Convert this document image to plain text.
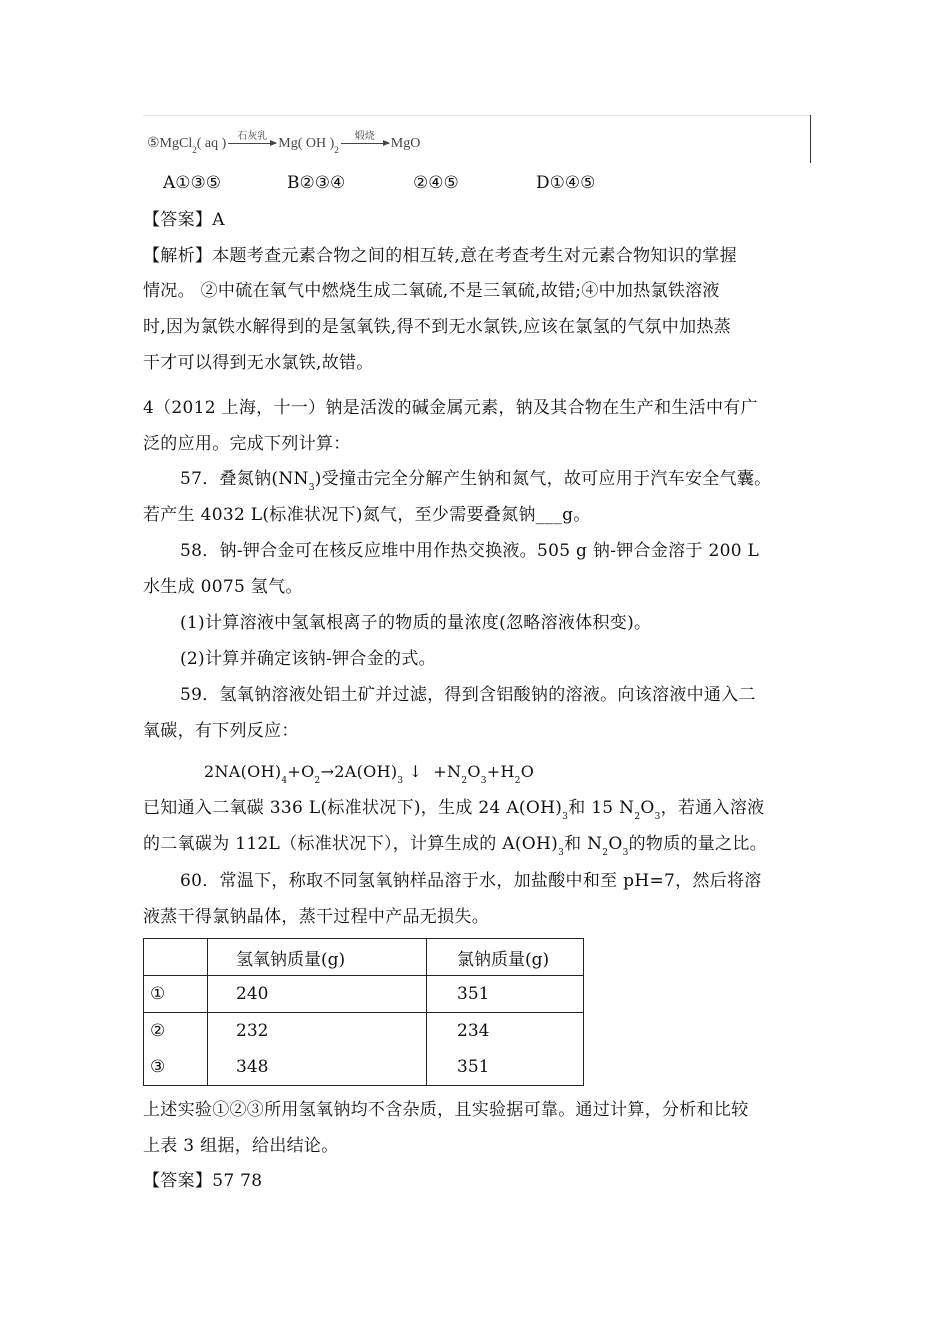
⑤MgCl$_2$( aq )	石灰乳 Mg( OH )$_2$
煅烧	MgO
A①③⑤	B②③④	②④⑤	D①④⑤
【答案】A
【解析】本题考查元素合物之间的相互转,意在考查考生对元素合物知识的掌握
情况。 ②中硫在氧气中燃烧生成二氧硫,不是三氧硫,故错;④中加热氯铁溶液
时,因为氯铁水解得到的是氢氧铁,得不到无水氯铁,应该在氯氢的气氛中加热蒸
干才可以得到无水氯铁,故错。
4（2012 上海，十一）钠是活泼的碱金属元素，钠及其合物在生产和生活中有广
泛的应用。完成下列计算：
57．叠氮钠$(NN_3)$受撞击完全分解产生钠和氮气，故可应用于汽车安全气囊。
若产生 4032 L(标准状况下)氮气，至少需要叠氮钠___g。
58．钠-钾合金可在核反应堆中用作热交换液。505 g 钠-钾合金溶于 200 L
水生成 0075 氢气。
(1)计算溶液中氢氧根离子的物质的量浓度(忽略溶液体积变)。
(2)计算并确定该钠-钾合金的式。
59．氢氧钠溶液处铝土矿并过滤，得到含铝酸钠的溶液。向该溶液中通入二
氧碳，有下列反应：
$2NA(OH)_4+O_2\to 2A(OH)_3$ ↓ $+N_2O_3+H_2O$
已知通入二氧碳 336 L(标准状况下)，生成 24 $A(OH)_3$和 15 $N_2O_3$，若通入溶液
的二氧碳为 112L（标准状况下），计算生成的 $A(OH)_3$和 $N_2O_3$的物质的量之比。
60．常温下，称取不同氢氧钠样品溶于水，加盐酸中和至 pH=7，然后将溶
液蒸干得氯钠晶体，蒸干过程中产品无损失。
	氢氧钠质量(g)	氯钠质量(g)
①	240	351
②	232	234
③	348	351
上述实验①②③所用氢氧钠均不含杂质，且实验据可靠。通过计算，分析和比较
上表 3 组据，给出结论。
【答案】57 78
